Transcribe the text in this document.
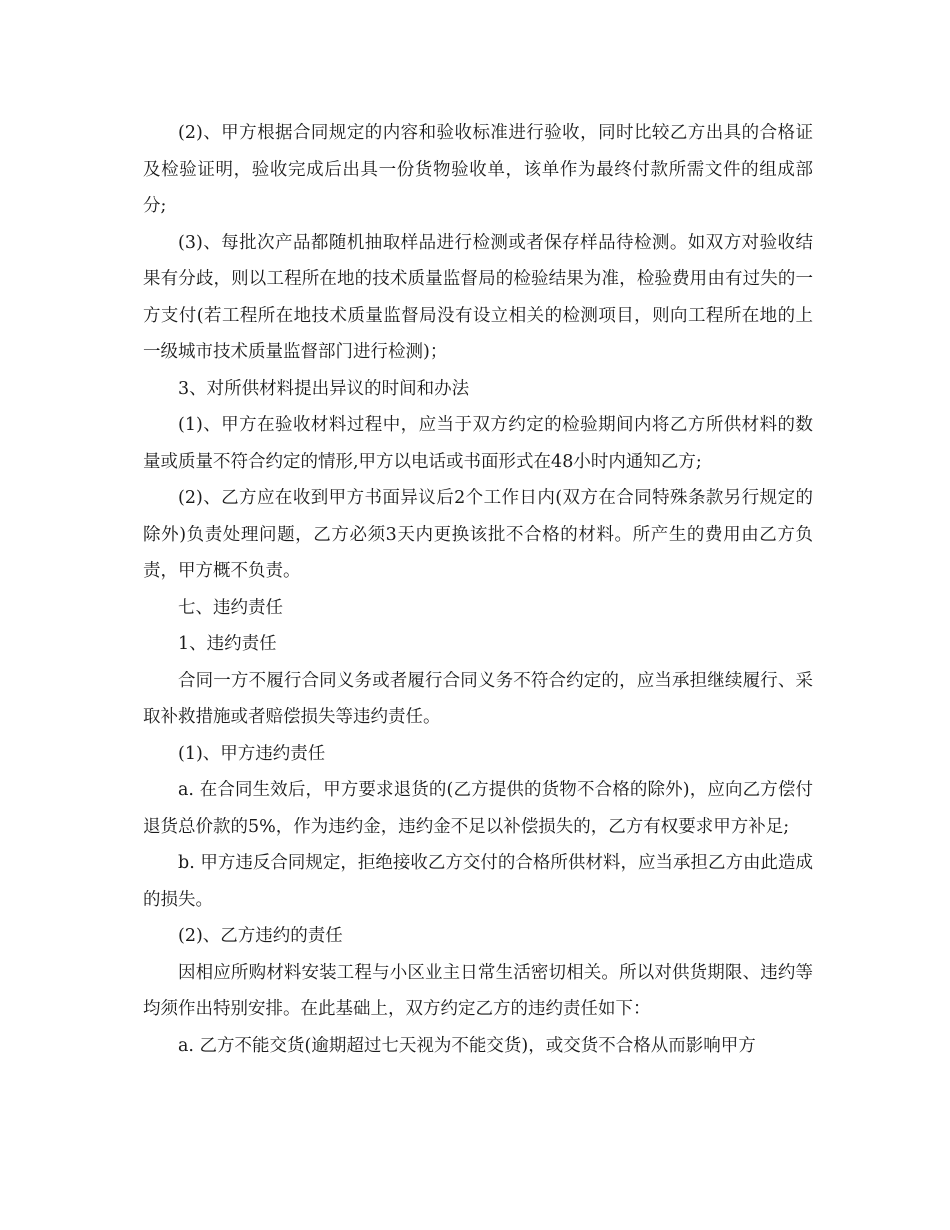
(2)、甲方根据合同规定的内容和验收标准进行验收，同时比较乙方出具的合格证及检验证明，验收完成后出具一份货物验收单，该单作为最终付款所需文件的组成部分;

(3)、每批次产品都随机抽取样品进行检测或者保存样品待检测。如双方对验收结果有分歧，则以工程所在地的技术质量监督局的检验结果为准，检验费用由有过失的一方支付(若工程所在地技术质量监督局没有设立相关的检测项目，则向工程所在地的上一级城市技术质量监督部门进行检测)；

3、对所供材料提出异议的时间和办法

(1)、甲方在验收材料过程中，应当于双方约定的检验期间内将乙方所供材料的数量或质量不符合约定的情形,甲方以电话或书面形式在48小时内通知乙方;

(2)、乙方应在收到甲方书面异议后2个工作日内(双方在合同特殊条款另行规定的除外)负责处理问题，乙方必须3天内更换该批不合格的材料。所产生的费用由乙方负责，甲方概不负责。

七、违约责任

1、违约责任

合同一方不履行合同义务或者履行合同义务不符合约定的，应当承担继续履行、采取补救措施或者赔偿损失等违约责任。

(1)、甲方违约责任

a. 在合同生效后，甲方要求退货的(乙方提供的货物不合格的除外)，应向乙方偿付退货总价款的5%，作为违约金，违约金不足以补偿损失的，乙方有权要求甲方补足;

b. 甲方违反合同规定，拒绝接收乙方交付的合格所供材料，应当承担乙方由此造成的损失。

(2)、乙方违约的责任

因相应所购材料安装工程与小区业主日常生活密切相关。所以对供货期限、违约等均须作出特别安排。在此基础上，双方约定乙方的违约责任如下：

a. 乙方不能交货(逾期超过七天视为不能交货)，或交货不合格从而影响甲方
